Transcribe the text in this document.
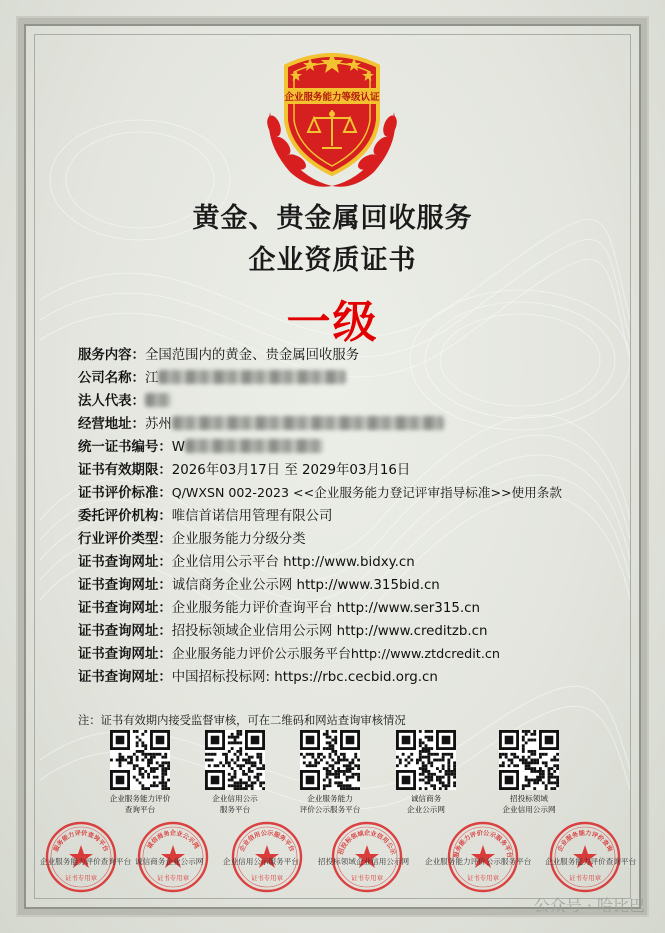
企业服务能力等级认证
黄金、贵金属回收服务
企业资质证书
一级
服务内容：全国范围内的黄金、贵金属回收服务
公司名称：江
法人代表：
经营地址：苏州
统一证书编号：W
证书有效期限：2026年03月17日 至 2029年03月16日
证书评价标准：Q/WXSN 002-2023 <<企业服务能力登记评审指导标准>>使用条款
委托评价机构：唯信首诺信用管理有限公司
行业评价类型：企业服务能力分级分类
证书查询网址：企业信用公示平台 http://www.bidxy.cn
证书查询网址：诚信商务企业公示网 http://www.315bid.cn
证书查询网址：企业服务能力评价查询平台 http://www.ser315.cn
证书查询网址：招投标领域企业信用公示网 http://www.creditzb.cn
证书查询网址：企业服务能力评价公示服务平台http://www.ztdcredit.cn
证书查询网址：中国招标投标网: https://rbc.cecbid.org.cn
注：证书有效期内接受监督审核，可在二维码和网站查询审核情况
企业服务能力评价
查询平台
企业信用公示
服务平台
企业服务能力
评价公示服务平台
诚信商务
企业公示网
招投标领域
企业信用公示网
服务能力评价查询平台
证书专用章
诚信商务企业公示网
证书专用章
企业信用公示服务平台
证书专用章
招投标领域企业信用公示
证书专用章
服务能力评价公示服务平台
证书专用章
企业服务能力评价查询
证书专用章
企业服务能力评价查询平台 诚信商务企业公示网	企业信用公示服务平台	招投标领域企业信用公示网 企业服务能力评价公示服务平台 企业服务能力评价查询平台
公众号 · 哈比巴
